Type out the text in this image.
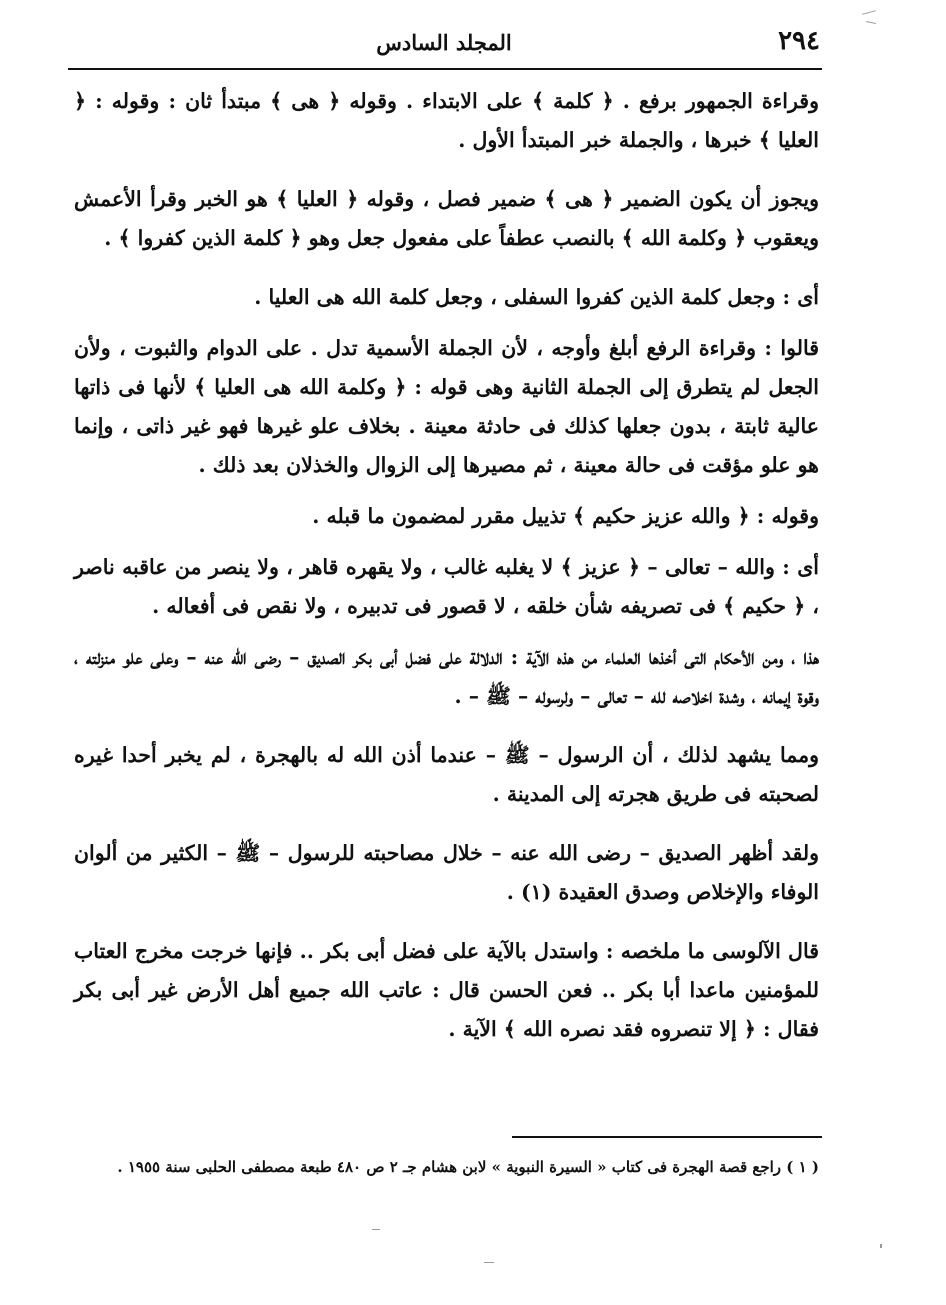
٢٩٤
المجلد السادس

وقراءة الجمهور برفع . ﴿ كلمة ﴾ على الابتداء . وقوله ﴿ هى ﴾ مبتدأ ثان : وقوله : ﴿ العليا ﴾ خبرها ، والجملة خبر المبتدأ الأول .

ويجوز أن يكون الضمير ﴿ هى ﴾ ضمير فصل ، وقوله ﴿ العليا ﴾ هو الخبر وقرأ الأعمش ويعقوب ﴿ وكلمة الله ﴾ بالنصب عطفاً على مفعول جعل وهو ﴿ كلمة الذين كفروا ﴾ .

أى : وجعل كلمة الذين كفروا السفلى ، وجعل كلمة الله هى العليا .

قالوا : وقراءة الرفع أبلغ وأوجه ، لأن الجملة الأسمية تدل . على الدوام والثبوت ، ولأن الجعل لم يتطرق إلى الجملة الثانية وهى قوله : ﴿ وكلمة الله هى العليا ﴾ لأنها فى ذاتها عالية ثابتة ، بدون جعلها كذلك فى حادثة معينة . بخلاف علو غيرها فهو غير ذاتى ، وإنما هو علو مؤقت فى حالة معينة ، ثم مصيرها إلى الزوال والخذلان بعد ذلك .

وقوله : ﴿ والله عزيز حكيم ﴾ تذييل مقرر لمضمون ما قبله .

أى : والله – تعالى – ﴿ عزيز ﴾ لا يغلبه غالب ، ولا يقهره قاهر ، ولا ينصر من عاقبه ناصر ، ﴿ حكيم ﴾ فى تصريفه شأن خلقه ، لا قصور فى تدبيره ، ولا نقص فى أفعاله .

هذا ، ومن الأحكام التى أخذها العلماء من هذه الآية : الدلالة على فضل أبى بكر الصديق – رضى الله عنه – وعلى علو منزلته ، وقوة إيمانه ، وشدة اخلاصه لله – تعالى – ولرسوله – ﷺ – .

ومما يشهد لذلك ، أن الرسول – ﷺ – عندما أذن الله له بالهجرة ، لم يخبر أحدا غيره لصحبته فى طريق هجرته إلى المدينة .

ولقد أظهر الصديق – رضى الله عنه – خلال مصاحبته للرسول – ﷺ – الكثير من ألوان الوفاء والإخلاص وصدق العقيدة (١) .

قال الآلوسى ما ملخصه : واستدل بالآية على فضل أبى بكر .. فإنها خرجت مخرج العتاب للمؤمنين ماعدا أبا بكر .. فعن الحسن قال : عاتب الله جميع أهل الأرض غير أبى بكر فقال : ﴿ إلا تنصروه فقد نصره الله ﴾ الآية .

( ١ ) راجع قصة الهجرة فى كتاب « السيرة النبوية » لابن هشام جـ ٢ ص ٤٨٠ طبعة مصطفى الحلبى سنة ١٩٥٥ .
